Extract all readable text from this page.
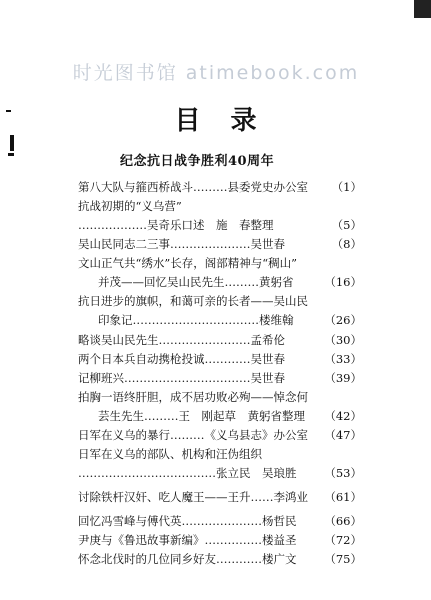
时光图书馆 atimebook.com
目录
纪念抗日战争胜利40周年
第八大队与箍西桥战斗………县委党史办公室 （1）
抗战初期的“义乌营”
………………吴奇乐口述　施　春整理	（5）
吴山民同志二三事…………………吴世春	（8）
文山正气共“绣水”长存，阁部精神与“稠山”
并茂——回忆吴山民先生………黄躬省	（16）
抗日进步的旗帜，和蔼可亲的长者——吴山民
印象记……………………………楼维翰	（26）
略谈吴山民先生……………………孟希伦	（30）
两个日本兵自动携枪投诚…………吴世春	（33）
记柳班兴……………………………吴世春	（39）
拍胸一语终肝胆，成不居功败必殉——悼念何
芸生先生………王　刚起草　黄躬省整理 （42）
日军在义乌的暴行………《义乌县志》办公室 （47）
日军在义乌的部队、机构和汪伪组织
………………………………张立民　吴琅胜 （53）
讨除铁杆汉奸、吃人魔王——王升……李鸿业 （61）
回忆冯雪峰与傅代英…………………杨哲民 （66）
尹庚与《鲁迅故事新编》……………楼益圣 （72）
怀念北伐时的几位同乡好友…………楼广文 （75）
